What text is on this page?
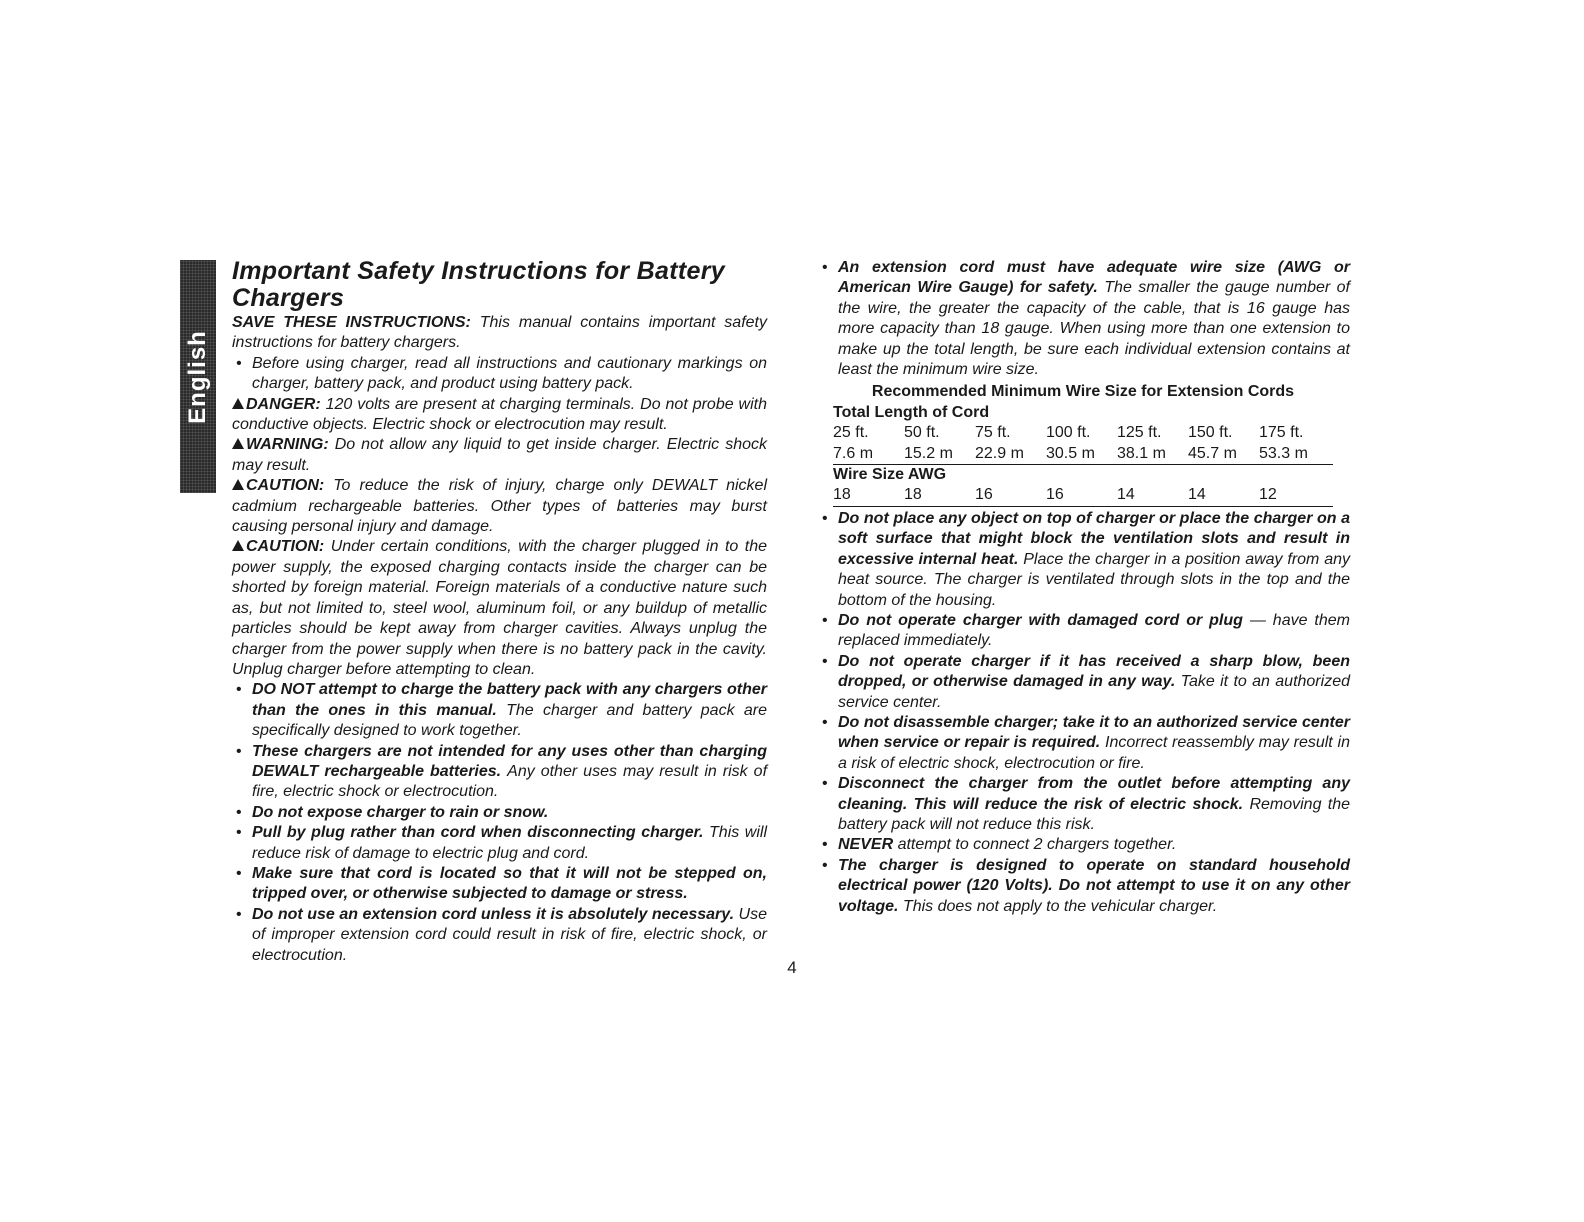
English
Important Safety Instructions for Battery Chargers

SAVE THESE INSTRUCTIONS: This manual contains important safety instructions for battery chargers.

• Before using charger, read all instructions and cautionary markings on charger, battery pack, and product using battery pack.

DANGER: 120 volts are present at charging terminals. Do not probe with conductive objects. Electric shock or electrocution may result.

WARNING: Do not allow any liquid to get inside charger. Electric shock may result.

CAUTION: To reduce the risk of injury, charge only DEWALT nickel cadmium rechargeable batteries. Other types of batteries may burst causing personal injury and damage.

CAUTION: Under certain conditions, with the charger plugged in to the power supply, the exposed charging contacts inside the charger can be shorted by foreign material. Foreign materials of a conductive nature such as, but not limited to, steel wool, aluminum foil, or any buildup of metallic particles should be kept away from charger cavities. Always unplug the charger from the power supply when there is no battery pack in the cavity. Unplug charger before attempting to clean.

• DO NOT attempt to charge the battery pack with any chargers other than the ones in this manual. The charger and battery pack are specifically designed to work together.

• These chargers are not intended for any uses other than charging DEWALT rechargeable batteries. Any other uses may result in risk of fire, electric shock or electrocution.

• Do not expose charger to rain or snow.

• Pull by plug rather than cord when disconnecting charger. This will reduce risk of damage to electric plug and cord.

• Make sure that cord is located so that it will not be stepped on, tripped over, or otherwise subjected to damage or stress.

• Do not use an extension cord unless it is absolutely necessary. Use of improper extension cord could result in risk of fire, electric shock, or electrocution.

• An extension cord must have adequate wire size (AWG or American Wire Gauge) for safety. The smaller the gauge number of the wire, the greater the capacity of the cable, that is 16 gauge has more capacity than 18 gauge. When using more than one extension to make up the total length, be sure each individual extension contains at least the minimum wire size.

Recommended Minimum Wire Size for Extension Cords
Total Length of Cord
25 ft.	50 ft.	75 ft.	100 ft.	125 ft.	150 ft.	175 ft.
7.6 m	15.2 m	22.9 m	30.5 m	38.1 m	45.7 m	53.3 m
Wire Size AWG
18	18	16	16	14	14	12

• Do not place any object on top of charger or place the charger on a soft surface that might block the ventilation slots and result in excessive internal heat. Place the charger in a position away from any heat source. The charger is ventilated through slots in the top and the bottom of the housing.

• Do not operate charger with damaged cord or plug — have them replaced immediately.

• Do not operate charger if it has received a sharp blow, been dropped, or otherwise damaged in any way. Take it to an authorized service center.

• Do not disassemble charger; take it to an authorized service center when service or repair is required. Incorrect reassembly may result in a risk of electric shock, electrocution or fire.

• Disconnect the charger from the outlet before attempting any cleaning. This will reduce the risk of electric shock. Removing the battery pack will not reduce this risk.

• NEVER attempt to connect 2 chargers together.

• The charger is designed to operate on standard household electrical power (120 Volts). Do not attempt to use it on any other voltage. This does not apply to the vehicular charger.

4
